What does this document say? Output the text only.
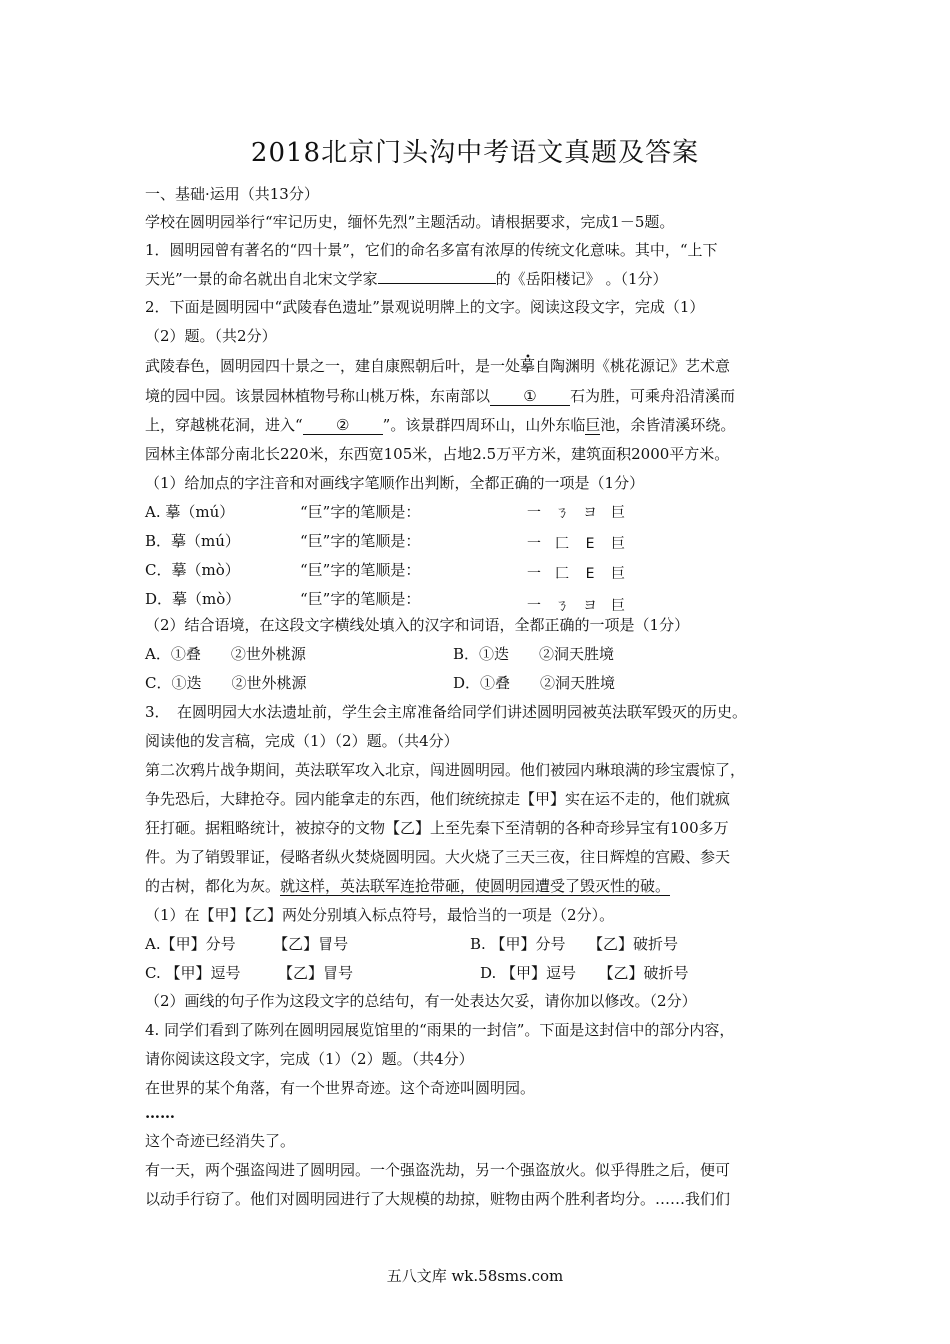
2018北京门头沟中考语文真题及答案
一、基础·运用（共13分）
学校在圆明园举行“牢记历史，缅怀先烈”主题活动。请根据要求，完成1－5题。
1．圆明园曾有著名的“四十景”，它们的命名多富有浓厚的传统文化意味。其中，“上下
天光”一景的命名就出自北宋文学家	的《岳阳楼记》 。（1分）
2．下面是圆明园中“武陵春色遗址”景观说明牌上的文字。阅读这段文字，完成（1）
（2）题。（共2分）
武陵春色，圆明园四十景之一，建自康熙朝后叶，是一处摹自陶渊明《桃花源记》艺术意
境的园中园。该景园林植物号称山桃万株，东南部以 ① 石为胜，可乘舟沿清溪而
上，穿越桃花洞，进入“ ② ”。该景群四周环山，山外东临巨池，余皆清溪环绕。
园林主体部分南北长220米，东西宽105米，占地2.5万平方米，建筑面积2000平方米。
（1）给加点的字注音和对画线字笔顺作出判断，全都正确的一项是（1分）
A. 摹（mú）	“巨”字的笔顺是：	一 ㄋ ヨ 巨
B．摹（mú）	“巨”字的笔顺是：	一 匚 E 巨
C．摹（mò）	“巨”字的笔顺是：	一 匚 E 巨
D．摹（mò）	“巨”字的笔顺是：	一 ㄋ ヨ 巨
（2）结合语境，在这段文字横线处填入的汉字和词语，全都正确的一项是（1分）
A．①叠　　②世外桃源	B．①迭　　②洞天胜境
C．①迭　　②世外桃源	D．①叠　　②洞天胜境
3．　在圆明园大水法遗址前，学生会主席准备给同学们讲述圆明园被英法联军毁灭的历史。
阅读他的发言稿，完成（1）（2）题。（共4分）
第二次鸦片战争期间，英法联军攻入北京，闯进圆明园。他们被园内琳琅满的珍宝震惊了，
争先恐后，大肆抢夺。园内能拿走的东西，他们统统掠走【甲】实在运不走的，他们就疯
狂打砸。据粗略统计，被掠夺的文物【乙】上至先秦下至清朝的各种奇珍异宝有100多万
件。为了销毁罪证，侵略者纵火焚烧圆明园。大火烧了三天三夜，往日辉煌的宫殿、参天
的古树，都化为灰。就这样，英法联军连抢带砸，使圆明园遭受了毁灭性的破。
（1）在【甲】【乙】两处分别填入标点符号，最恰当的一项是（2分）。
A.【甲】分号　　　【乙】冒号	B. 【甲】分号　　【乙】破折号
C. 【甲】逗号　　　【乙】冒号	D. 【甲】逗号　　【乙】破折号
（2）画线的句子作为这段文字的总结句，有一处表达欠妥，请你加以修改。（2分）
4. 同学们看到了陈列在圆明园展览馆里的“雨果的一封信”。下面是这封信中的部分内容，
请你阅读这段文字，完成（1）（2）题。（共4分）
在世界的某个角落，有一个世界奇迹。这个奇迹叫圆明园。
……
这个奇迹已经消失了。
有一天，两个强盗闯进了圆明园。一个强盗洗劫，另一个强盗放火。似乎得胜之后，便可
以动手行窃了。他们对圆明园进行了大规模的劫掠，赃物由两个胜利者均分。……我们们
五八文库 wk.58sms.com
